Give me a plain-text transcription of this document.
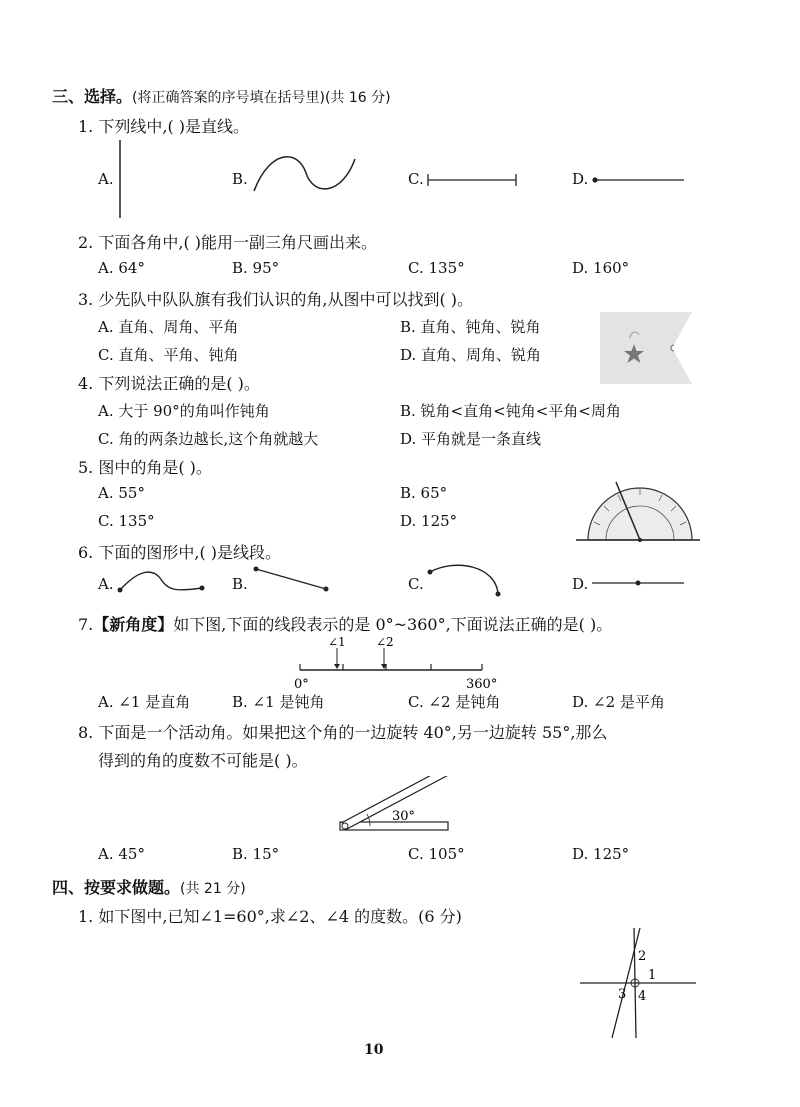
三、选择。(将正确答案的序号填在括号里)(共 16 分)
1. 下列线中,( )是直线。
A.	B.	C.	D.
2. 下面各角中,( )能用一副三角尺画出来。
A. 64°	B. 95°	C. 135°	D. 160°
3. 少先队中队队旗有我们认识的角,从图中可以找到( )。
A. 直角、周角、平角	B. 直角、钝角、锐角
C. 直角、平角、钝角	D. 直角、周角、锐角
4. 下列说法正确的是( )。
A. 大于 90°的角叫作钝角	B. 锐角<直角<钝角<平角<周角
C. 角的两条边越长,这个角就越大	D. 平角就是一条直线
5. 图中的角是( )。
A. 55°	B. 65°
C. 135°	D. 125°
6. 下面的图形中,( )是线段。
A.	B.	C.	D.
7.【新角度】如下图,下面的线段表示的是 0°~360°,下面说法正确的是( )。
∠1	∠2
0°	360°
A. ∠1 是直角	B. ∠1 是钝角	C. ∠2 是钝角	D. ∠2 是平角
8. 下面是一个活动角。如果把这个角的一边旋转 40°,另一边旋转 55°,那么
得到的角的度数不可能是( )。
30°
A. 45°	B. 15°	C. 105°	D. 125°
四、按要求做题。(共 21 分)
1. 如下图中,已知∠1=60°,求∠2、∠4 的度数。(6 分)
2
1
3 4
10
